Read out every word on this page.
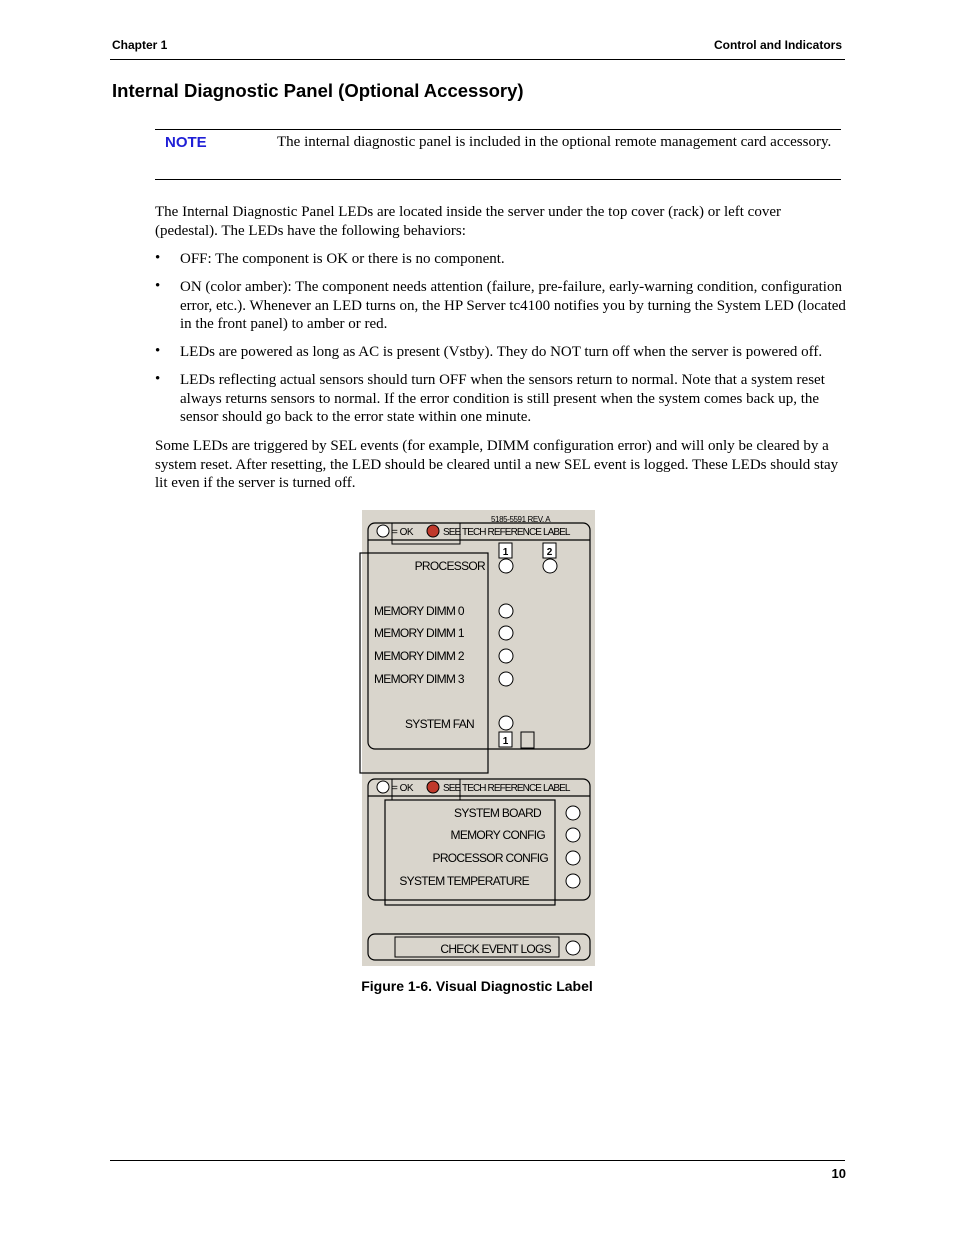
Chapter 1	Control and Indicators
Internal Diagnostic Panel (Optional Accessory)
NOTE	The internal diagnostic panel is included in the optional remote management card accessory.
The Internal Diagnostic Panel LEDs are located inside the server under the top cover (rack) or left cover (pedestal). The LEDs have the following behaviors:
• OFF: The component is OK or there is no component.
• ON (color amber): The component needs attention (failure, pre-failure, early-warning condition, configuration error, etc.). Whenever an LED turns on, the HP Server tc4100 notifies you by turning the System LED (located in the front panel) to amber or red.
• LEDs are powered as long as AC is present (Vstby). They do NOT turn off when the server is powered off.
• LEDs reflecting actual sensors should turn OFF when the sensors return to normal. Note that a system reset always returns sensors to normal. If the error condition is still present when the system comes back up, the sensor should go back to the error state within one minute.
Some LEDs are triggered by SEL events (for example, DIMM configuration error) and will only be cleared by a system reset. After resetting, the LED should be cleared until a new SEL event is logged. These LEDs should stay lit even if the server is turned off.
5185-5591 REV. A
= OK	SEE TECH REFERENCE LABEL
1	2
PROCESSOR
MEMORY DIMM 0
MEMORY DIMM 1
MEMORY DIMM 2
MEMORY DIMM 3
SYSTEM FAN
1
= OK	SEE TECH REFERENCE LABEL
SYSTEM BOARD
MEMORY CONFIG
PROCESSOR CONFIG
SYSTEM TEMPERATURE
CHECK EVENT LOGS
Figure 1-6. Visual Diagnostic Label
10
